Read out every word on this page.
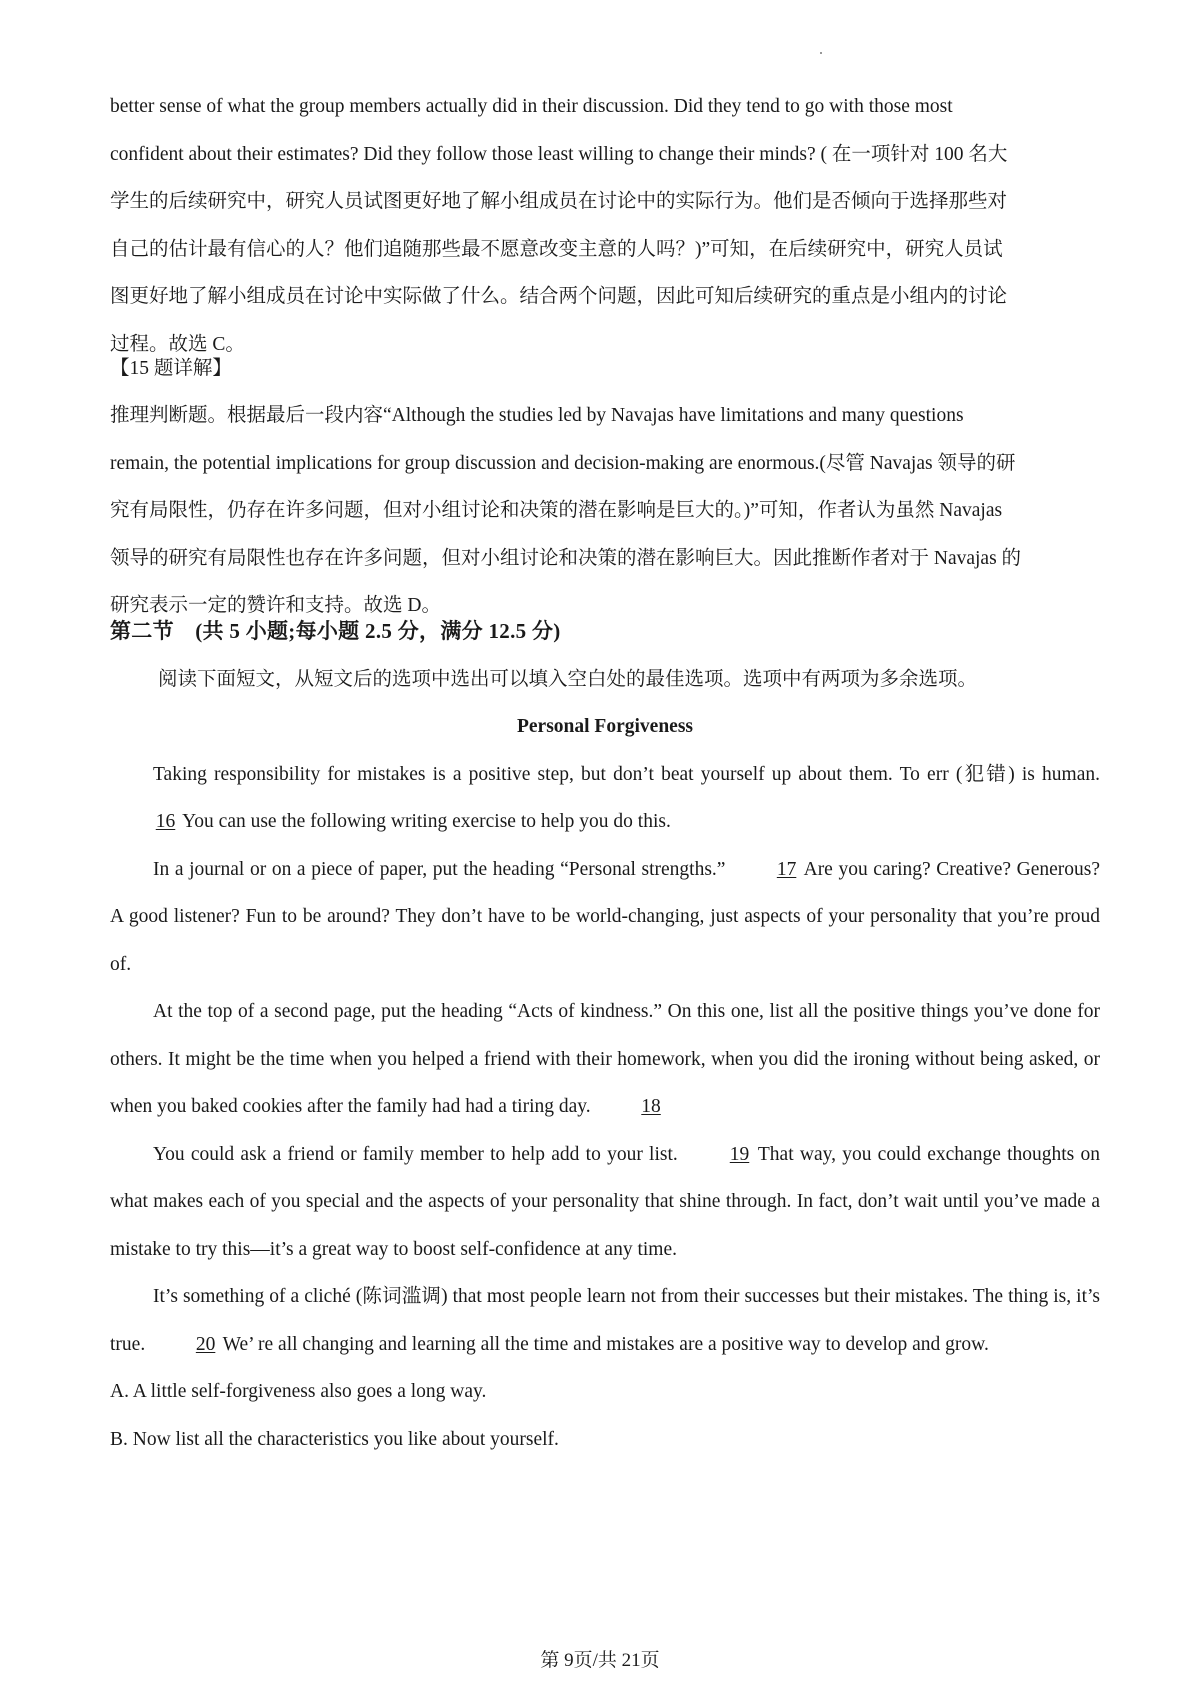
better sense of what the group members actually did in their discussion. Did they tend to go with those most

confident about their estimates? Did they follow those least willing to change their minds? ( 在一项针对 100 名大

学生的后续研究中，研究人员试图更好地了解小组成员在讨论中的实际行为。他们是否倾向于选择那些对

自己的估计最有信心的人？他们追随那些最不愿意改变主意的人吗？)”可知，在后续研究中，研究人员试

图更好地了解小组成员在讨论中实际做了什么。结合两个问题，因此可知后续研究的重点是小组内的讨论

过程。故选 C。

【15 题详解】

推理判断题。根据最后一段内容“Although the studies led by Navajas have limitations and many questions

remain, the potential implications for group discussion and decision-making are enormous.(尽管 Navajas 领导的研

究有局限性，仍存在许多问题，但对小组讨论和决策的潜在影响是巨大的。)”可知，作者认为虽然 Navajas

领导的研究有局限性也存在许多问题，但对小组讨论和决策的潜在影响巨大。因此推断作者对于 Navajas 的

研究表示一定的赞许和支持。故选 D。

第二节　(共 5 小题;每小题 2.5 分，满分 12.5 分)

阅读下面短文，从短文后的选项中选出可以填入空白处的最佳选项。选项中有两项为多余选项。

Personal Forgiveness

Taking responsibility for mistakes is a positive step, but don’t beat yourself up about them. To err (犯错) is human. 16 You can use the following writing exercise to help you do this.

In a journal or on a piece of paper, put the heading “Personal strengths.”	17 Are you caring? Creative? Generous? A good listener? Fun to be around? They don’t have to be world-changing, just aspects of your personality that you’re proud of.

At the top of a second page, put the heading “Acts of kindness.” On this one, list all the positive things you’ve done for others. It might be the time when you helped a friend with their homework, when you did the ironing without being asked, or when you baked cookies after the family had had a tiring day.	18

You could ask a friend or family member to help add to your list.	19 That way, you could exchange thoughts on what makes each of you special and the aspects of your personality that shine through. In fact, don’t wait until you’ve made a mistake to try this—it’s a great way to boost self-confidence at any time.

It’s something of a cliché (陈词滥调) that most people learn not from their successes but their mistakes. The thing is, it’s true.	20 We’ re all changing and learning all the time and mistakes are a positive way to develop and grow.

A. A little self-forgiveness also goes a long way.

B. Now list all the characteristics you like about yourself.

第 9页/共 21页
